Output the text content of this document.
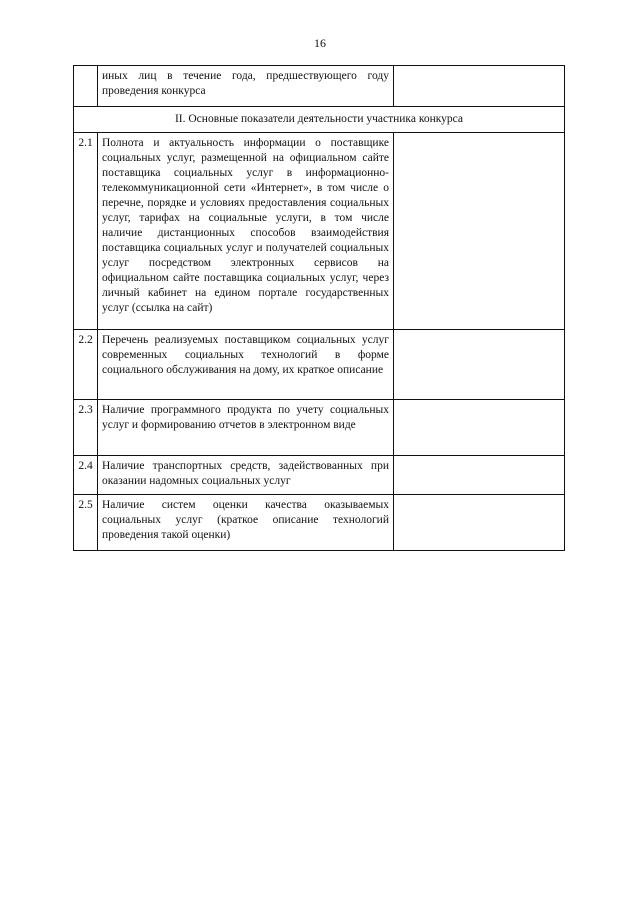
16
	иных лиц в течение года, предшествующего году проведения конкурса	
II. Основные показатели деятельности участника конкурса		
2.1	Полнота и актуальность информации о поставщике социальных услуг, размещенной на официальном сайте поставщика социальных услуг в информационно-телекоммуникационной сети «Интернет», в том числе о перечне, порядке и условиях предоставления социальных услуг, тарифах на социальные услуги, в том числе наличие дистанционных способов взаимодействия поставщика социальных услуг и получателей социальных услуг посредством электронных сервисов на официальном сайте поставщика социальных услуг, через личный кабинет на едином портале государственных услуг (ссылка на сайт)	
2.2	Перечень реализуемых поставщиком социальных услуг современных социальных технологий в форме социального обслуживания на дому, их краткое описание	
2.3	Наличие программного продукта по учету социальных услуг и формированию отчетов в электронном виде	
2.4	Наличие транспортных средств, задействованных при оказании надомных социальных услуг	
2.5	Наличие систем оценки качества оказываемых социальных услуг (краткое описание технологий проведения такой оценки)	
